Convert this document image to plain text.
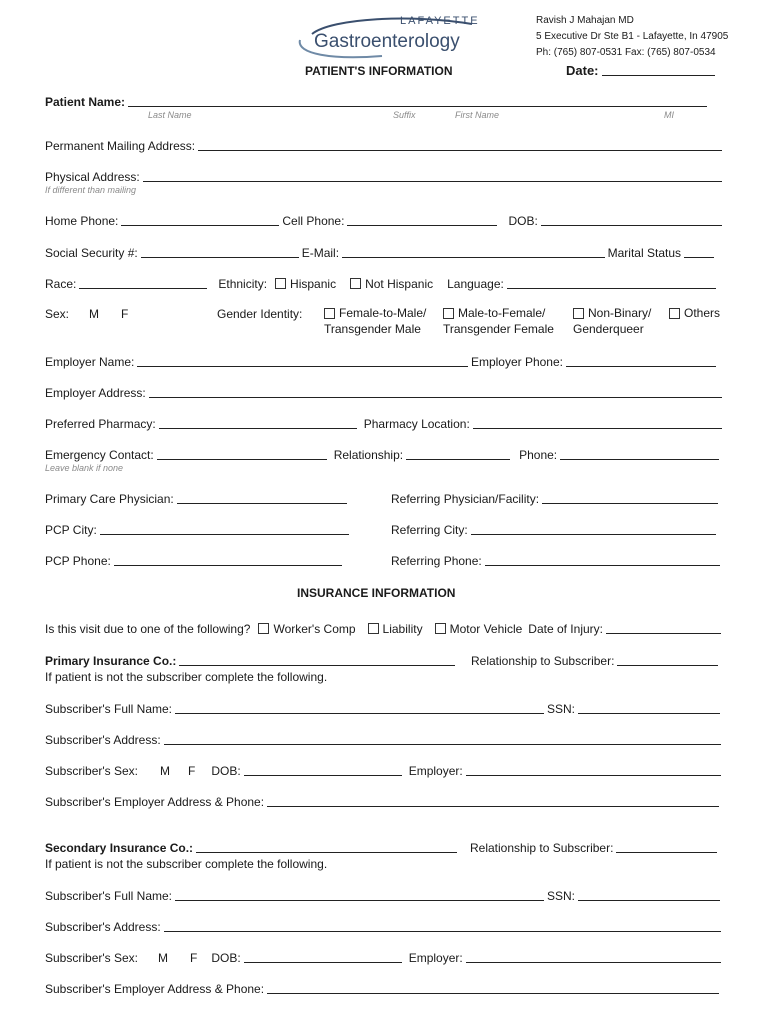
LAFAYETTE
Gastroenterology
Ravish J Mahajan MD
5 Executive Dr Ste B1 - Lafayette, In 47905
Ph: (765) 807-0531 Fax: (765) 807-0534
PATIENT'S INFORMATION	Date:
Patient Name:
Last Name	Suffix	First Name	MI
Permanent Mailing Address:
Physical Address:
If different than mailing
Home Phone:	Cell Phone:	DOB:
Social Security #:	E-Mail:	Marital Status
Race:	Ethnicity: Hispanic Not Hispanic Language:
Sex: M F	Gender Identity:	Female-to-Male/
Transgender Male
Male-to-Female/
Transgender Female
Non-Binary/
Genderqueer
Others
Employer Name:	Employer Phone:
Employer Address:
Preferred Pharmacy:	Pharmacy Location:
Emergency Contact:	Relationship:	Phone:
Leave blank if none
Primary Care Physician:	Referring Physician/Facility:
PCP City:	Referring City:
PCP Phone:	Referring Phone:
INSURANCE INFORMATION
Is this visit due to one of the following? Worker's Comp Liability Motor Vehicle Date of Injury:
Primary Insurance Co.:	Relationship to Subscriber:
If patient is not the subscriber complete the following.
Subscriber's Full Name:	SSN:
Subscriber's Address:
Subscriber's Sex: M F DOB:	Employer:
Subscriber's Employer Address & Phone:
Secondary Insurance Co.:	Relationship to Subscriber:
If patient is not the subscriber complete the following.
Subscriber's Full Name:	SSN:
Subscriber's Address:
Subscriber's Sex: M F DOB:	Employer:
Subscriber's Employer Address & Phone:
